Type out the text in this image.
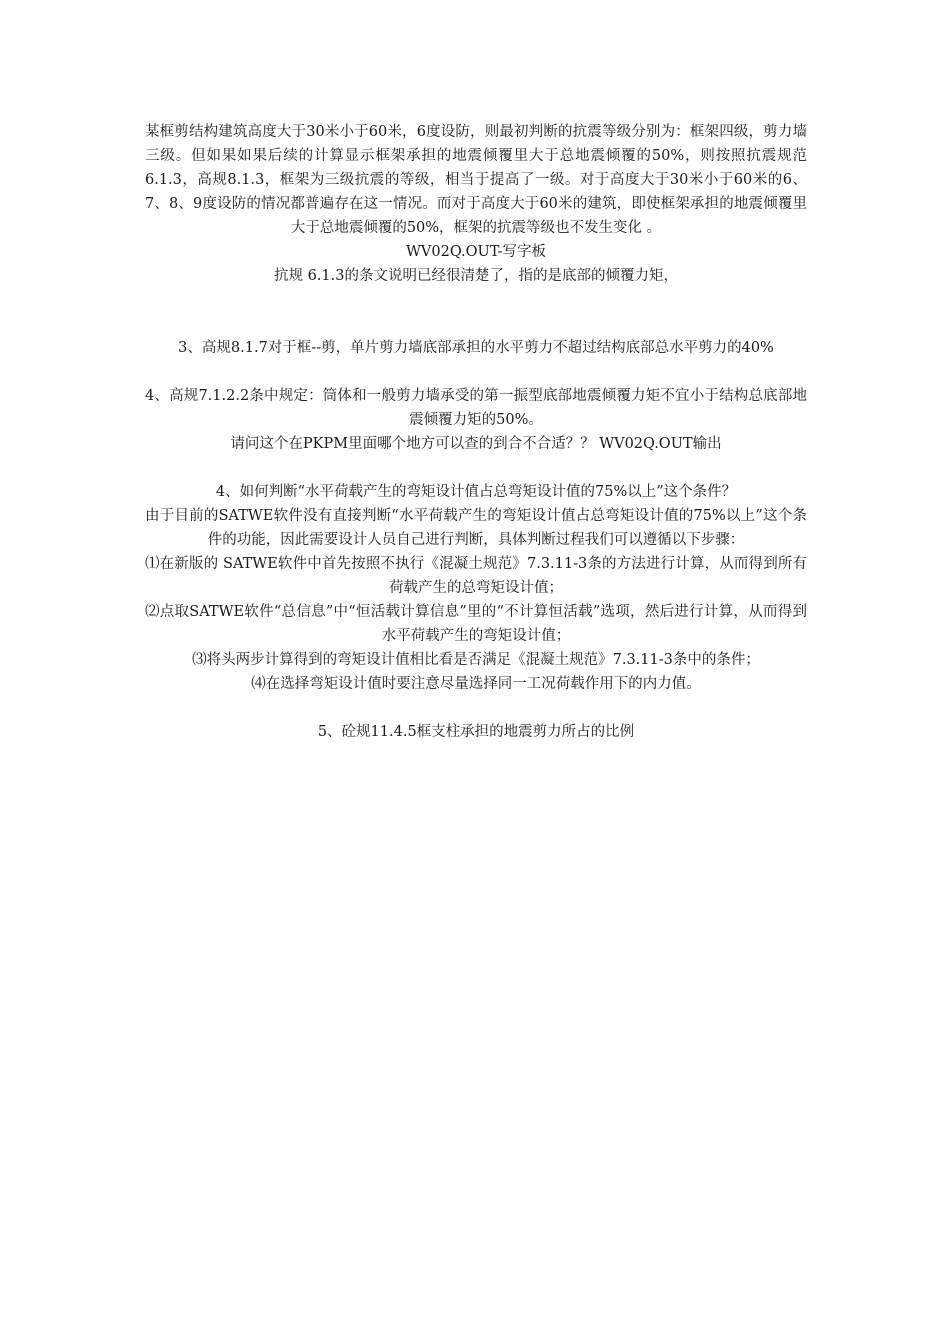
某框剪结构建筑高度大于30米小于60米，6度设防，则最初判断的抗震等级分别为：框架四级，剪力墙三级。但如果如果后续的计算显示框架承担的地震倾覆里大于总地震倾覆的50%，则按照抗震规范6.1.3，高规8.1.3，框架为三级抗震的等级，相当于提高了一级。对于高度大于30米小于60米的6、7、8、9度设防的情况都普遍存在这一情况。而对于高度大于60米的建筑，即使框架承担的地震倾覆里大于总地震倾覆的50%，框架的抗震等级也不发生变化 。

WV02Q.OUT-写字板

抗规 6.1.3的条文说明已经很清楚了，指的是底部的倾覆力矩，

3、高规8.1.7对于框--剪，单片剪力墙底部承担的水平剪力不超过结构底部总水平剪力的40%

4、高规7.1.2.2条中规定：筒体和一般剪力墙承受的第一振型底部地震倾覆力矩不宜小于结构总底部地震倾覆力矩的50%。

请问这个在PKPM里面哪个地方可以查的到合不合适？？ WV02Q.OUT输出

4、如何判断“水平荷载产生的弯矩设计值占总弯矩设计值的75%以上”这个条件？

由于目前的SATWE软件没有直接判断“水平荷载产生的弯矩设计值占总弯矩设计值的75%以上”这个条件的功能，因此需要设计人员自己进行判断，具体判断过程我们可以遵循以下步骤：

⑴在新版的 SATWE软件中首先按照不执行《混凝土规范》7.3.11-3条的方法进行计算，从而得到所有荷载产生的总弯矩设计值；

⑵点取SATWE软件“总信息”中“恒活载计算信息”里的“不计算恒活载”选项，然后进行计算，从而得到水平荷载产生的弯矩设计值；

⑶将头两步计算得到的弯矩设计值相比看是否满足《混凝土规范》7.3.11-3条中的条件；

⑷在选择弯矩设计值时要注意尽量选择同一工况荷载作用下的内力值。

5、砼规11.4.5框支柱承担的地震剪力所占的比例
